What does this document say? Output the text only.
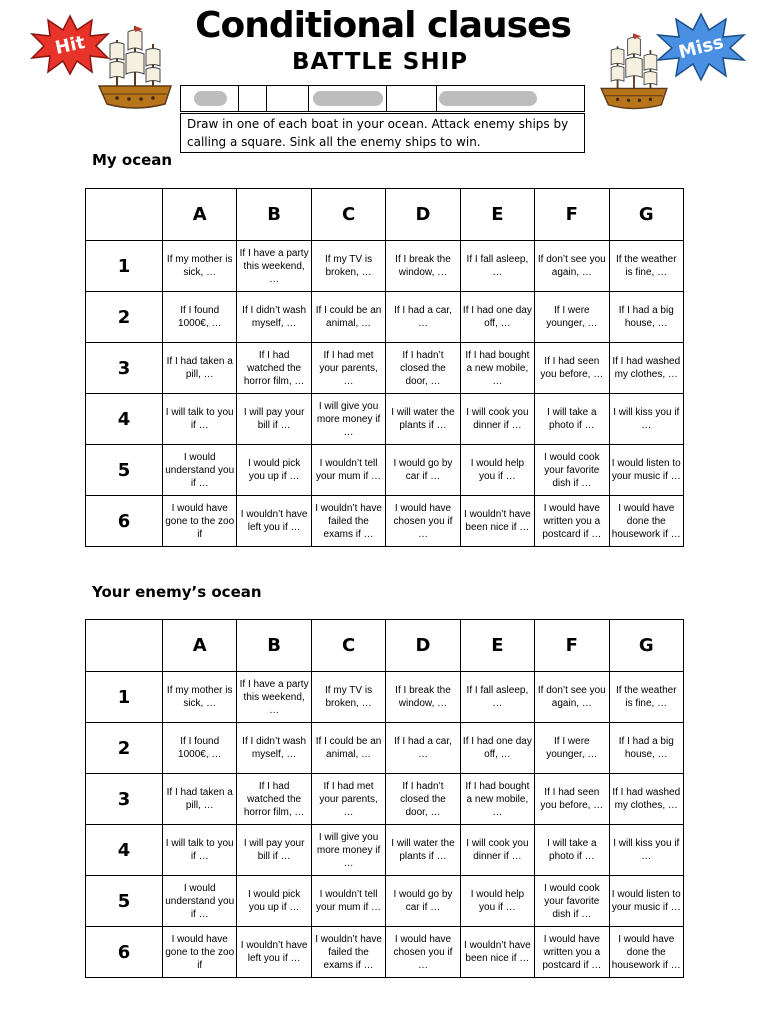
Hit	Miss
Conditional clauses
BATTLE SHIP
Draw in one of each boat in your ocean. Attack enemy ships by calling a square. Sink all the enemy ships to win.
My ocean
	A	B	C	D	E	F	G
1	If my mother is sick, …	If I have a party this weekend, …	If my TV is broken, …	If I break the window, …	If I fall asleep, …	If don’t see you again, …	If the weather is fine, …
2	If I found 1000€, …	If I didn’t wash myself, …	If I could be an animal, …	If I had a car, …	If I had one day off, …	If I were younger, …	If I had a big house, …
3	If I had taken a pill, …	If I had watched the horror film, …	If I had met your parents, …	If I hadn’t closed the door, …	If I had bought a new mobile, …	If I had seen you before, …	If I had washed my clothes, …
4	I will talk to you if …	I will pay your bill if …	I will give you more money if …	I will water the plants if …	I will cook you dinner if …	I will take a photo if …	I will kiss you if …
5	I would understand you if …	I would pick you up if …	I wouldn’t tell your mum if …	I would go by car if …	I would help you if …	I would cook your favorite dish if …	I would listen to your music if …
6	I would have gone to the zoo if	I wouldn’t have left you if …	I wouldn’t have failed the exams if …	I would have chosen you if …	I wouldn’t have been nice if …	I would have written you a postcard if …	I would have done the housework if …
Your enemy’s ocean
	A	B	C	D	E	F	G
1	If my mother is sick, …	If I have a party this weekend, …	If my TV is broken, …	If I break the window, …	If I fall asleep, …	If don’t see you again, …	If the weather is fine, …
2	If I found 1000€, …	If I didn’t wash myself, …	If I could be an animal, …	If I had a car, …	If I had one day off, …	If I were younger, …	If I had a big house, …
3	If I had taken a pill, …	If I had watched the horror film, …	If I had met your parents, …	If I hadn’t closed the door, …	If I had bought a new mobile, …	If I had seen you before, …	If I had washed my clothes, …
4	I will talk to you if …	I will pay your bill if …	I will give you more money if …	I will water the plants if …	I will cook you dinner if …	I will take a photo if …	I will kiss you if …
5	I would understand you if …	I would pick you up if …	I wouldn’t tell your mum if …	I would go by car if …	I would help you if …	I would cook your favorite dish if …	I would listen to your music if …
6	I would have gone to the zoo if	I wouldn’t have left you if …	I wouldn’t have failed the exams if …	I would have chosen you if …	I wouldn’t have been nice if …	I would have written you a postcard if …	I would have done the housework if …
